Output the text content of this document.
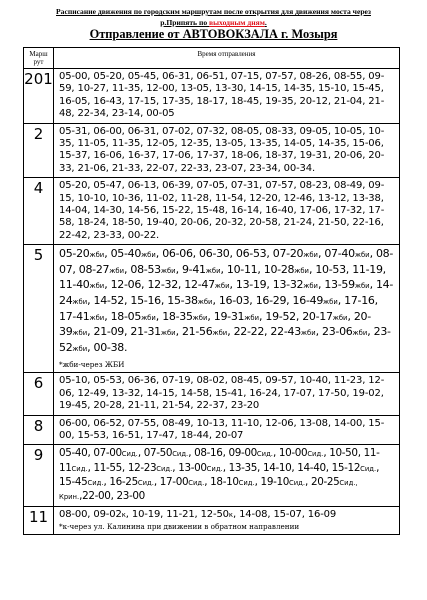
Расписание движения по городским маршрутам после открытия для движения моста через
р.Припять по выходным дням.
Отправление от АВТОВОКЗАЛА г. Мозыря
Марш рут	Время отправления
201	05-00, 05-20, 05-45, 06-31, 06-51, 07-15, 07-57, 08-26, 08-55, 09-59, 10-27, 11-35, 12-00, 13-05, 13-30, 14-15, 14-35, 15-10, 15-45, 16-05, 16-43, 17-15, 17-35, 18-17, 18-45, 19-35, 20-12, 21-04, 21-48, 22-34, 23-14, 00-05
2	05-31, 06-00, 06-31, 07-02, 07-32, 08-05, 08-33, 09-05, 10-05, 10-35, 11-05, 11-35, 12-05, 12-35, 13-05, 13-35, 14-05, 14-35, 15-06, 15-37, 16-06, 16-37, 17-06, 17-37, 18-06, 18-37, 19-31, 20-06, 20-33, 21-06, 21-33, 22-07, 22-33, 23-07, 23-34, 00-34.
4	05-20, 05-47, 06-13, 06-39, 07-05, 07-31, 07-57, 08-23, 08-49, 09-15, 10-10, 10-36, 11-02, 11-28, 11-54, 12-20, 12-46, 13-12, 13-38, 14-04, 14-30, 14-56, 15-22, 15-48, 16-14, 16-40, 17-06, 17-32, 17-58, 18-24, 18-50, 19-40, 20-06, 20-32, 20-58, 21-24, 21-50, 22-16, 22-42, 23-33, 00-22.
5	05-20жби, 05-40жби, 06-06, 06-30, 06-53, 07-20жби, 07-40жби, 08-07, 08-27жби, 08-53жби, 9-41жби, 10-11, 10-28жби, 10-53, 11-19, 11-40жби, 12-06, 12-32, 12-47жби, 13-19, 13-32жби, 13-59жби, 14-24жби, 14-52, 15-16, 15-38жби, 16-03, 16-29, 16-49жби, 17-16, 17-41жби, 18-05жби, 18-35жби, 19-31жби, 19-52, 20-17жби, 20-39жби, 21-09, 21-31жби, 21-56жби, 22-22, 22-43жби, 23-06жби, 23-52жби, 00-38.
*жби-через ЖБИ

6	05-10, 05-53, 06-36, 07-19, 08-02, 08-45, 09-57, 10-40, 11-23, 12-06, 12-49, 13-32, 14-15, 14-58, 15-41, 16-24, 17-07, 17-50, 19-02, 19-45, 20-28, 21-11, 21-54, 22-37, 23-20
8	06-00, 06-52, 07-55, 08-49, 10-13, 11-10, 12-06, 13-08, 14-00, 15-00, 15-53, 16-51, 17-47, 18-44, 20-07
9	05-40, 07-00Сид., 07-50Сид., 08-16, 09-00Сид., 10-00Сид., 10-50, 11-11Сид., 11-55, 12-23Сид., 13-00Сид., 13-35, 14-10, 14-40, 15-12Сид., 15-45Сид., 16-25Сид., 17-00Сид., 18-10Сид., 19-10Сид., 20-25Сид., Крин.,22-00, 23-00
11	08-00, 09-02к, 10-19, 11-21, 12-50к, 14-08, 15-07, 16-09
*к-через ул. Калинина при движении в обратном направлении
